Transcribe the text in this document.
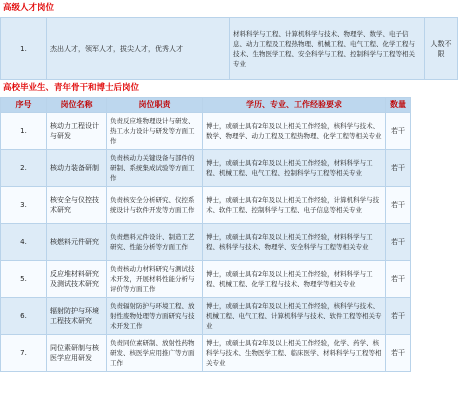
高级人才岗位
1.	杰出人才，领军人才，拔尖人才，优秀人才	材料科学与工程、计算机科学与技术、物理学、数学、电子信息、动力工程及工程热物理、机械工程、电气工程、化学工程与技术、生物医学工程、安全科学与工程、控制科学与工程等相关专业	人数不限
高校毕业生、青年骨干和博士后岗位
序号	岗位名称	岗位职责	学历、专业、工作经验要求	数量
1.	核动力工程设计与研发	负责反应堆物理设计与研发、热工水力设计与研发等方面工作	博士，或硕士具有2年及以上相关工作经验，核科学与技术、数学、物理学、动力工程及工程热物理、化学工程等相关专业	若干
2.	核动力装备研制	负责核动力关键设备与部件的研制、系统集成试验等方面工作	博士，或硕士具有2年及以上相关工作经验，材料科学与工程、机械工程、电气工程、控制科学与工程等相关专业	若干
3.	核安全与仪控技术研究	负责核安全分析研究、仪控系统设计与软件开发等方面工作	博士，或硕士具有2年及以上相关工作经验，计算机科学与技术、软件工程、控制科学与工程、电子信息等相关专业	若干
4.	核燃料元件研究	负责燃料元件设计、制造工艺研究、性能分析等方面工作	博士，或硕士具有2年及以上相关工作经验，材料科学与工程、核科学与技术、物理学、安全科学与工程等相关专业	若干
5.	反应堆材料研究及测试技术研究	负责核动力材料研究与测试技术开发，开展材料性能分析与评价等方面工作	博士，或硕士具有2年及以上相关工作经验，材料科学与工程、机械工程、化学工程与技术、物理学等相关专业	若干
6.	辐射防护与环境工程技术研究	负责辐射防护与环境工程、放射性废物处理等方面研究与技术开发工作	博士，或硕士具有2年及以上相关工作经验，核科学与技术、机械工程、电气工程、计算机科学与技术、软件工程等相关专业	若干
7.	同位素研制与核医学应用研发	负责同位素研制、放射性药物研发、核医学应用推广等方面工作	博士，或硕士具有2年及以上相关工作经验，化学、药学、核科学与技术、生物医学工程、临床医学、材料科学与工程等相关专业	若干
